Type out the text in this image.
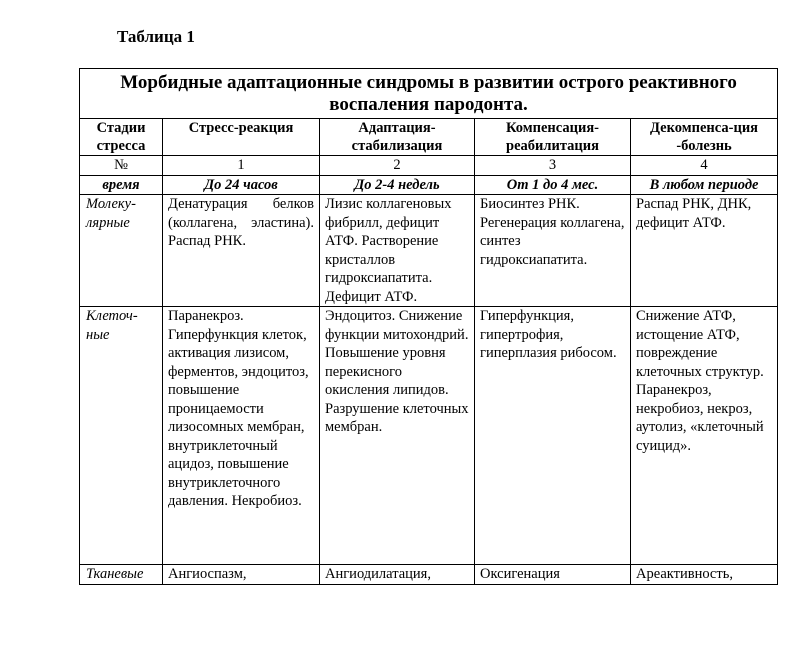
Таблица 1
Морбидные адаптационные синдромы в развитии острого реактивного воспаления пародонта.				
Стадии стресса	Стресс-реакция	Адаптация-стабилизация	Компенсация-реабилитация	Декомпенса-ция -болезнь
№	1	2	3	4
время	До 24 часов	До 2-4 недель	От 1 до 4 мес.	В любом периоде
Молеку-лярные	Денатурация белков (коллагена, эластина). Распад РНК.	Лизис коллагеновых фибрилл, дефицит АТФ. Растворение кристаллов гидроксиапатита. Дефицит АТФ.	Биосинтез РНК. Регенерация коллагена, синтез гидроксиапатита.	Распад РНК, ДНК, дефицит АТФ.
Клеточ-ные	Паранекроз. Гиперфункция клеток, активация лизисом, ферментов, эндоцитоз, повышение проницаемости лизосомных мембран, внутриклеточный ацидоз, повышение внутриклеточного давления. Некробиоз.	Эндоцитоз. Снижение функции митохондрий. Повышение уровня перекисного окисления липидов. Разрушение клеточных мембран.	Гиперфункция, гипертрофия, гиперплазия рибосом.	Снижение АТФ, истощение АТФ, повреждение клеточных структур. Паранекроз, некробиоз, некроз, аутолиз, «клеточный суицид».
Тканевые	Ангиоспазм,	Ангиодилатация,	Оксигенация	Ареактивность,
